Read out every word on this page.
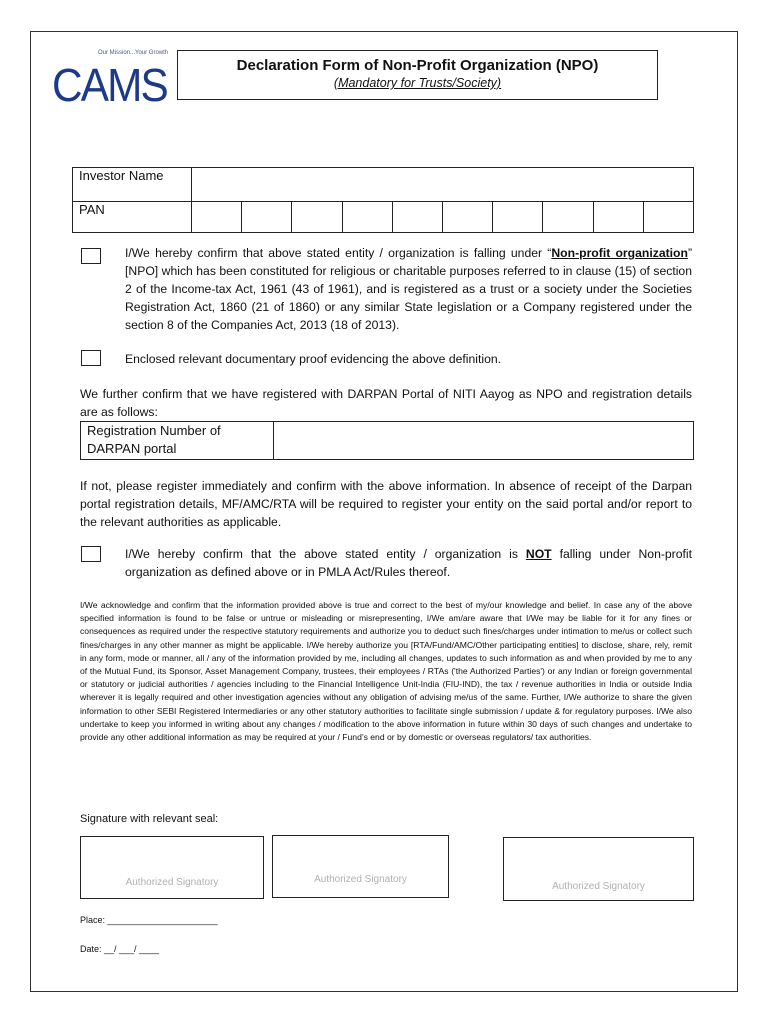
CAMS
Our Mission...Your Growth
Declaration Form of Non-Profit Organization (NPO)
(Mandatory for Trusts/Society)
Investor Name										
PAN										
I/We hereby confirm that above stated entity / organization is falling under “Non-profit organization” [NPO] which has been constituted for religious or charitable purposes referred to in clause (15) of section 2 of the Income-tax Act, 1961 (43 of 1961), and is registered as a trust or a society under the Societies Registration Act, 1860 (21 of 1860) or any similar State legislation or a Company registered under the section 8 of the Companies Act, 2013 (18 of 2013).
Enclosed relevant documentary proof evidencing the above definition.
We further confirm that we have registered with DARPAN Portal of NITI Aayog as NPO and registration details are as follows:
Registration Number of
DARPAN portal

If not, please register immediately and confirm with the above information. In absence of receipt of the Darpan portal registration details, MF/AMC/RTA will be required to register your entity on the said portal and/or report to the relevant authorities as applicable.
I/We hereby confirm that the above stated entity / organization is NOT falling under Non-profit organization as defined above or in PMLA Act/Rules thereof.
I/We acknowledge and confirm that the information provided above is true and correct to the best of my/our knowledge and belief. In case any of the above specified information is found to be false or untrue or misleading or misrepresenting, I/We am/are aware that I/We may be liable for it for any fines or consequences as required under the respective statutory requirements and authorize you to deduct such fines/charges under intimation to me/us or collect such fines/charges in any other manner as might be applicable. I/We hereby authorize you [RTA/Fund/AMC/Other participating entities] to disclose, share, rely, remit in any form, mode or manner, all / any of the information provided by me, including all changes, updates to such information as and when provided by me to any of the Mutual Fund, its Sponsor, Asset Management Company, trustees, their employees / RTAs ('the Authorized Parties') or any Indian or foreign governmental or statutory or judicial authorities / agencies including to the Financial Intelligence Unit-India (FIU-IND), the tax / revenue authorities in India or outside India wherever it is legally required and other investigation agencies without any obligation of advising me/us of the same. Further, I/We authorize to share the given information to other SEBI Registered Intermediaries or any other statutory authorities to facilitate single submission / update & for regulatory purposes. I/We also undertake to keep you informed in writing about any changes / modification to the above information in future within 30 days of such changes and undertake to provide any other additional information as may be required at your / Fund’s end or by domestic or overseas regulators/ tax authorities.
Signature with relevant seal:
Authorized Signatory	Authorized Signatory
Authorized Signatory
Place: ______________________
Date: __/ ___/ ____
